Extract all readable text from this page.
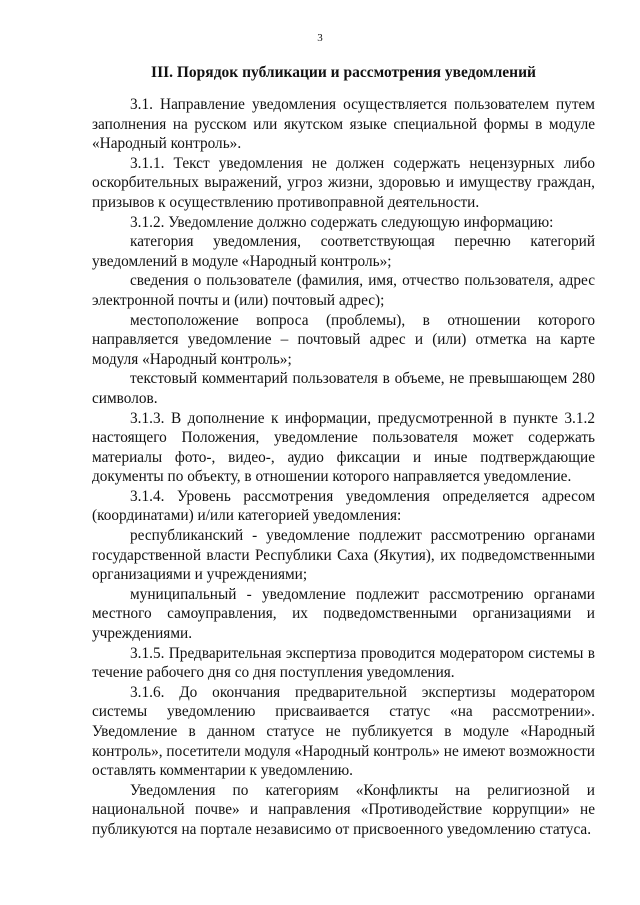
3
III. Порядок публикации и рассмотрения уведомлений

3.1. Направление уведомления осуществляется пользователем путем заполнения на русском или якутском языке специальной формы в модуле «Народный контроль».

3.1.1. Текст уведомления не должен содержать нецензурных либо оскорбительных выражений, угроз жизни, здоровью и имуществу граждан, призывов к осуществлению противоправной деятельности.

3.1.2. Уведомление должно содержать следующую информацию:

категория уведомления, соответствующая перечню категорий уведомлений в модуле «Народный контроль»;

сведения о пользователе (фамилия, имя, отчество пользователя, адрес электронной почты и (или) почтовый адрес);

местоположение вопроса (проблемы), в отношении которого направляется уведомление – почтовый адрес и (или) отметка на карте модуля «Народный контроль»;

текстовый комментарий пользователя в объеме, не превышающем 280 символов.

3.1.3. В дополнение к информации, предусмотренной в пункте 3.1.2 настоящего Положения, уведомление пользователя может содержать материалы фото-, видео-, аудио фиксации и иные подтверждающие документы по объекту, в отношении которого направляется уведомление.

3.1.4. Уровень рассмотрения уведомления определяется адресом (координатами) и/или категорией уведомления:

республиканский - уведомление подлежит рассмотрению органами государственной власти Республики Саха (Якутия), их подведомственными организациями и учреждениями;

муниципальный - уведомление подлежит рассмотрению органами местного самоуправления, их подведомственными организациями и учреждениями.

3.1.5. Предварительная экспертиза проводится модератором системы в течение рабочего дня со дня поступления уведомления.

3.1.6. До окончания предварительной экспертизы модератором системы уведомлению присваивается статус «на рассмотрении». Уведомление в данном статусе не публикуется в модуле «Народный контроль», посетители модуля «Народный контроль» не имеют возможности оставлять комментарии к уведомлению.

Уведомления по категориям «Конфликты на религиозной и национальной почве» и направления «Противодействие коррупции» не публикуются на портале независимо от присвоенного уведомлению статуса.
